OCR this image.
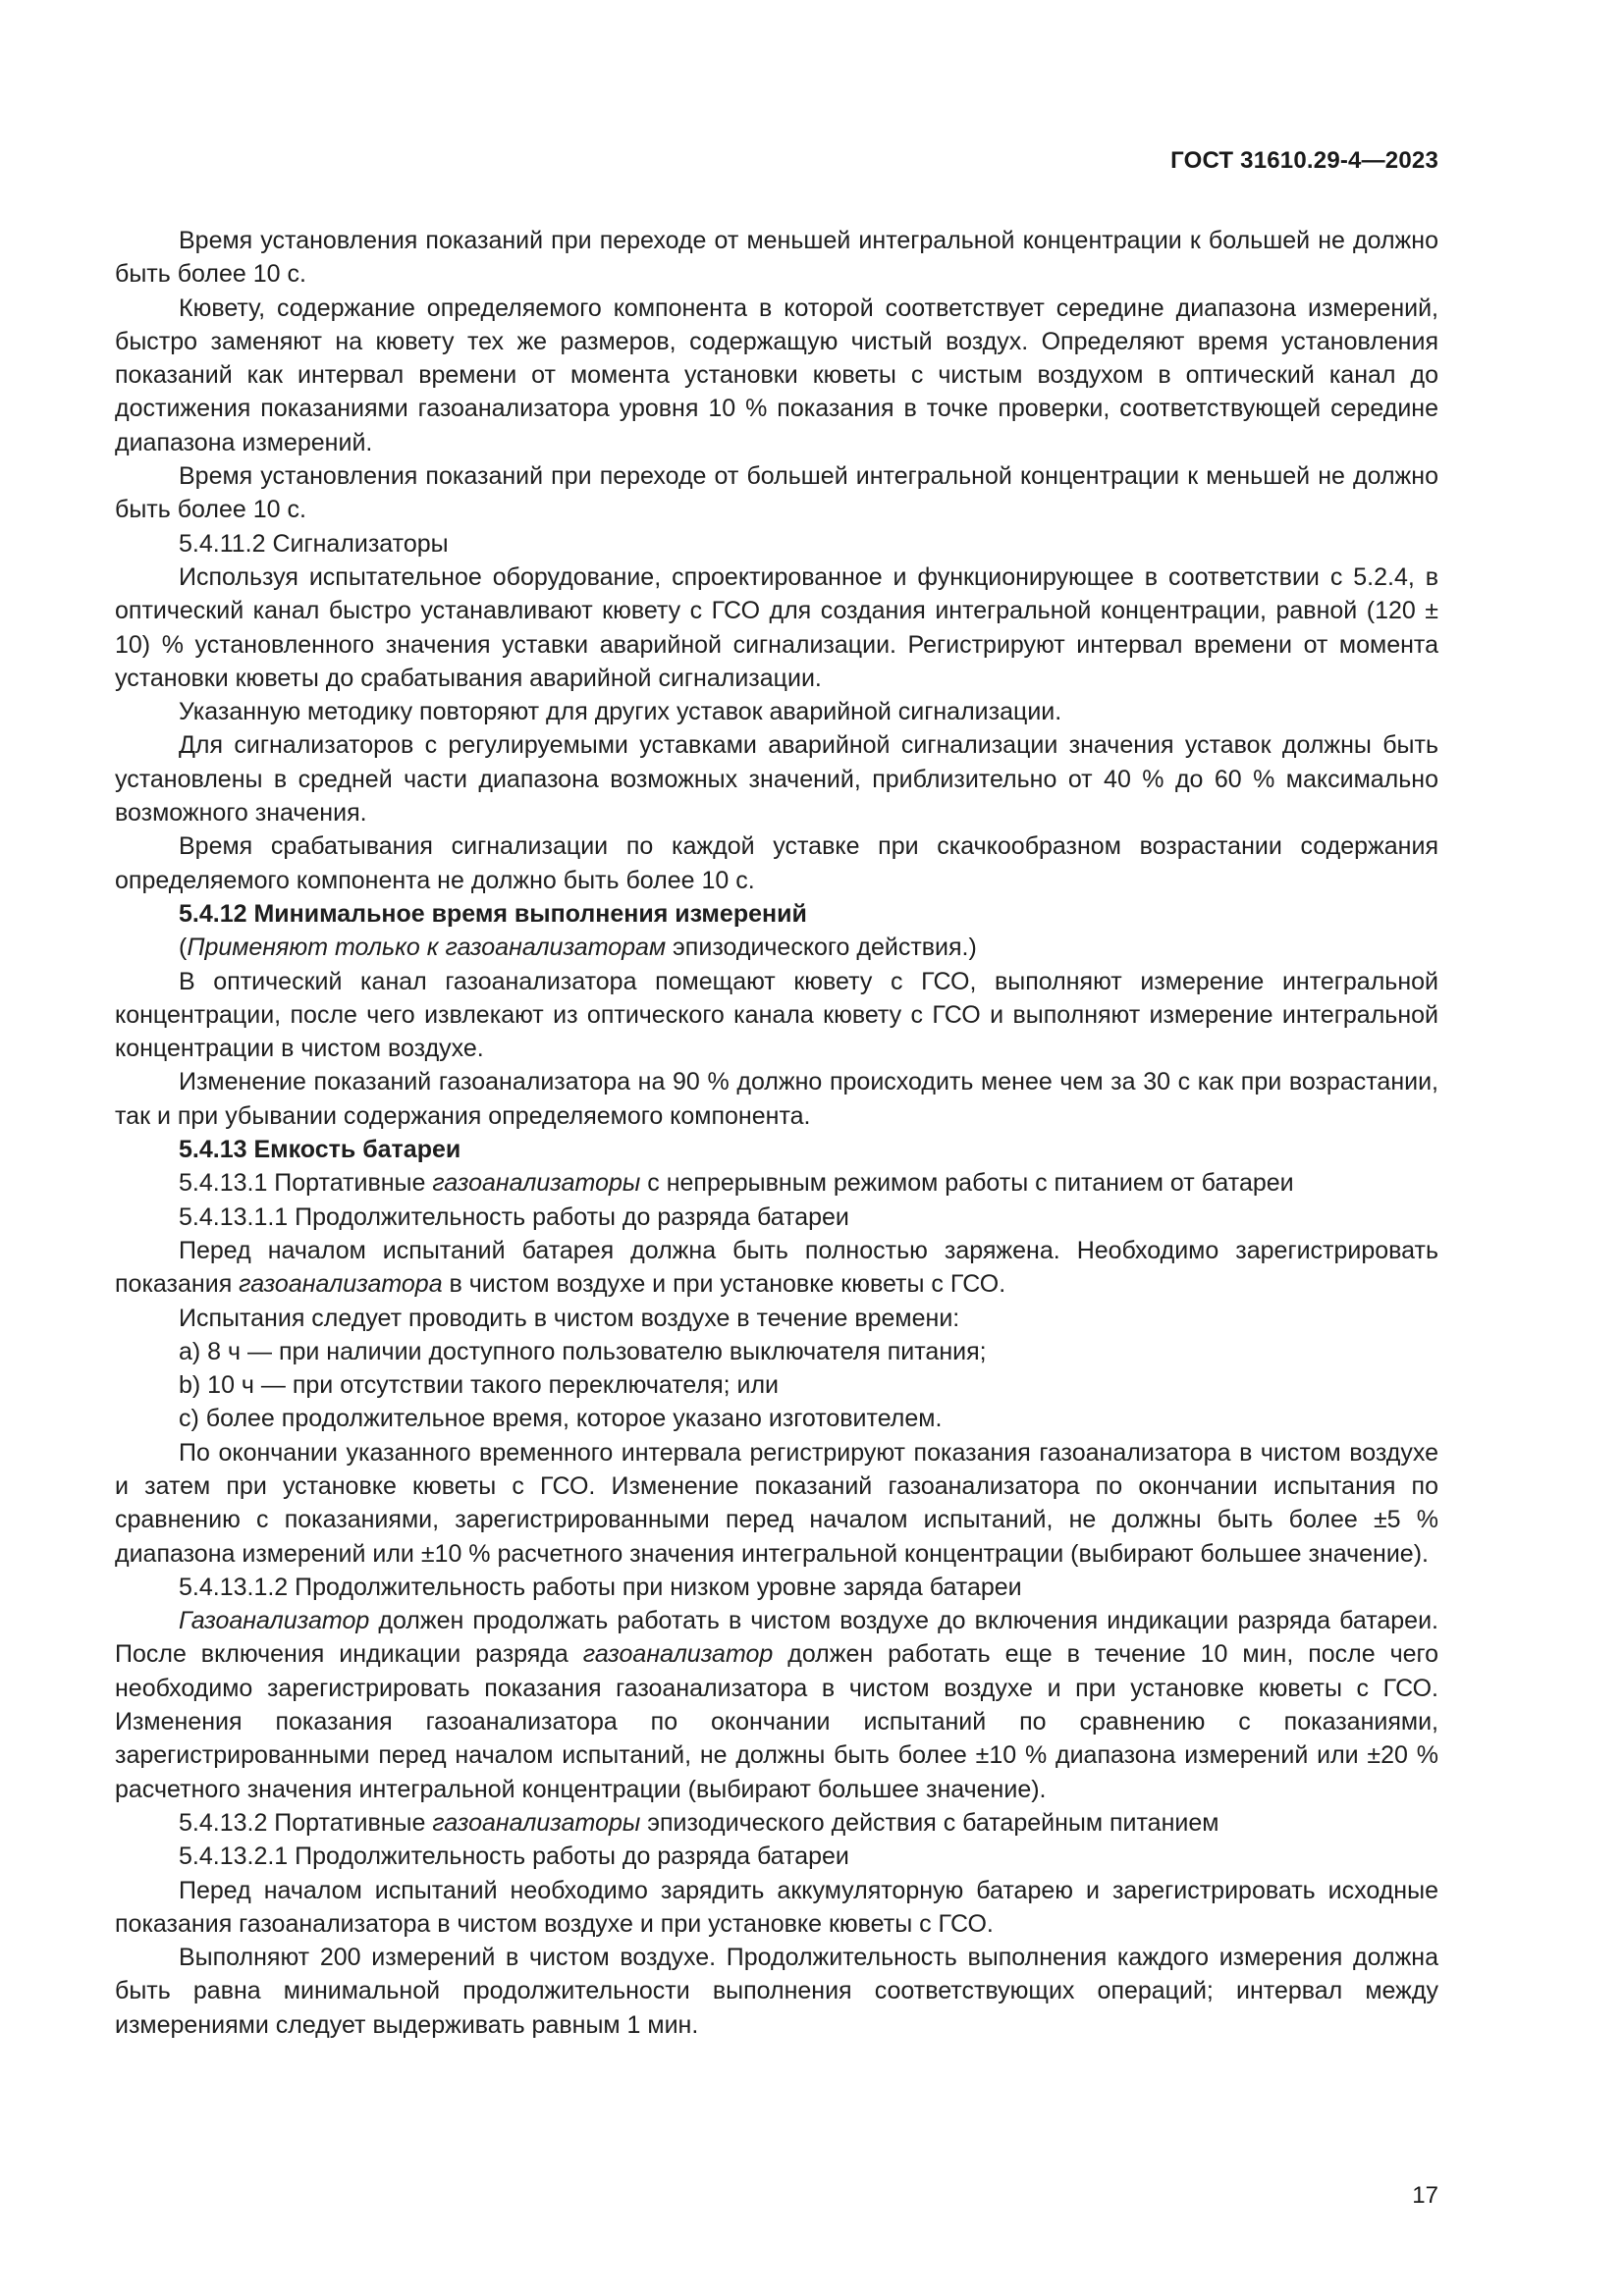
ГОСТ 31610.29-4—2023

Время установления показаний при переходе от меньшей интегральной концентрации к большей не должно быть более 10 с.

Кювету, содержание определяемого компонента в которой соответствует середине диапазона измерений, быстро заменяют на кювету тех же размеров, содержащую чистый воздух. Определяют время установления показаний как интервал времени от момента установки кюветы с чистым воздухом в оптический канал до достижения показаниями газоанализатора уровня 10 % показания в точке проверки, соответствующей середине диапазона измерений.

Время установления показаний при переходе от большей интегральной концентрации к меньшей не должно быть более 10 с.

5.4.11.2 Сигнализаторы

Используя испытательное оборудование, спроектированное и функционирующее в соответствии с 5.2.4, в оптический канал быстро устанавливают кювету с ГСО для создания интегральной концентрации, равной (120 ± 10) % установленного значения уставки аварийной сигнализации. Регистрируют интервал времени от момента установки кюветы до срабатывания аварийной сигнализации.

Указанную методику повторяют для других уставок аварийной сигнализации.

Для сигнализаторов с регулируемыми уставками аварийной сигнализации значения уставок должны быть установлены в средней части диапазона возможных значений, приблизительно от 40 % до 60 % максимально возможного значения.

Время срабатывания сигнализации по каждой уставке при скачкообразном возрастании содержания определяемого компонента не должно быть более 10 с.

5.4.12 Минимальное время выполнения измерений

(Применяют только к газоанализаторам эпизодического действия.)

В оптический канал газоанализатора помещают кювету с ГСО, выполняют измерение интегральной концентрации, после чего извлекают из оптического канала кювету с ГСО и выполняют измерение интегральной концентрации в чистом воздухе.

Изменение показаний газоанализатора на 90 % должно происходить менее чем за 30 с как при возрастании, так и при убывании содержания определяемого компонента.

5.4.13 Емкость батареи

5.4.13.1 Портативные газоанализаторы с непрерывным режимом работы с питанием от батареи

5.4.13.1.1 Продолжительность работы до разряда батареи

Перед началом испытаний батарея должна быть полностью заряжена. Необходимо зарегистрировать показания газоанализатора в чистом воздухе и при установке кюветы с ГСО.

Испытания следует проводить в чистом воздухе в течение времени:

a) 8 ч — при наличии доступного пользователю выключателя питания;

b) 10 ч — при отсутствии такого переключателя; или

c) более продолжительное время, которое указано изготовителем.

По окончании указанного временного интервала регистрируют показания газоанализатора в чистом воздухе и затем при установке кюветы с ГСО. Изменение показаний газоанализатора по окончании испытания по сравнению с показаниями, зарегистрированными перед началом испытаний, не должны быть более ±5 % диапазона измерений или ±10 % расчетного значения интегральной концентрации (выбирают большее значение).

5.4.13.1.2 Продолжительность работы при низком уровне заряда батареи

Газоанализатор должен продолжать работать в чистом воздухе до включения индикации разряда батареи. После включения индикации разряда газоанализатор должен работать еще в течение 10 мин, после чего необходимо зарегистрировать показания газоанализатора в чистом воздухе и при установке кюветы с ГСО. Изменения показания газоанализатора по окончании испытаний по сравнению с показаниями, зарегистрированными перед началом испытаний, не должны быть более ±10 % диапазона измерений или ±20 % расчетного значения интегральной концентрации (выбирают большее значение).

5.4.13.2 Портативные газоанализаторы эпизодического действия с батарейным питанием

5.4.13.2.1 Продолжительность работы до разряда батареи

Перед началом испытаний необходимо зарядить аккумуляторную батарею и зарегистрировать исходные показания газоанализатора в чистом воздухе и при установке кюветы с ГСО.

Выполняют 200 измерений в чистом воздухе. Продолжительность выполнения каждого измерения должна быть равна минимальной продолжительности выполнения соответствующих операций; интервал между измерениями следует выдерживать равным 1 мин.

17
